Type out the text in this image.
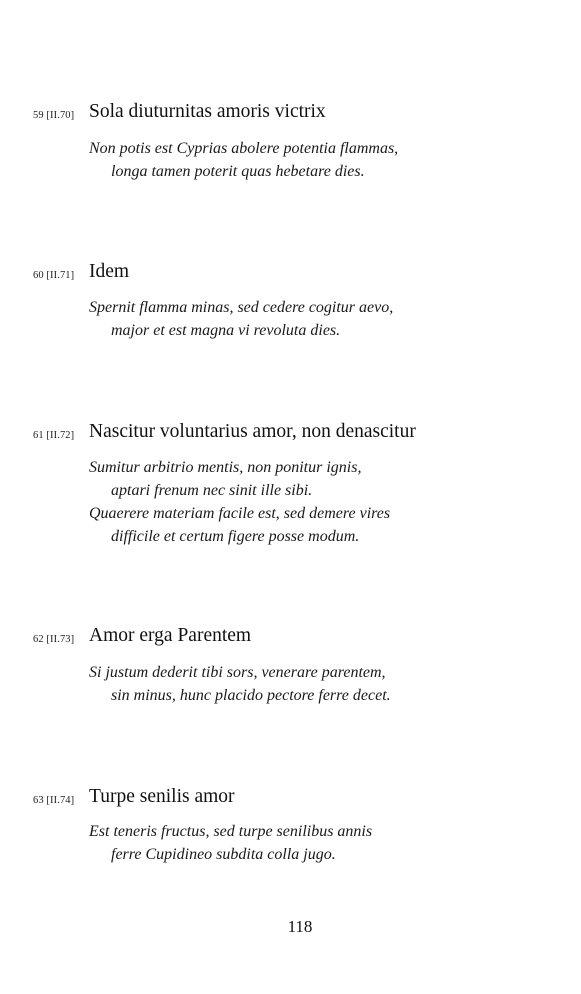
59 [II.70] Sola diuturnitas amoris victrix
Non potis est Cyprias abolere potentia flammas,
longa tamen poterit quas hebetare dies.
60 [II.71] Idem
Spernit flamma minas, sed cedere cogitur aevo,
major et est magna vi revoluta dies.
61 [II.72] Nascitur voluntarius amor, non denascitur
Sumitur arbitrio mentis, non ponitur ignis,
aptari frenum nec sinit ille sibi.
Quaerere materiam facile est, sed demere vires
difficile et certum figere posse modum.
62 [II.73] Amor erga Parentem
Si justum dederit tibi sors, venerare parentem,
sin minus, hunc placido pectore ferre decet.
63 [II.74] Turpe senilis amor
Est teneris fructus, sed turpe senilibus annis
ferre Cupidineo subdita colla jugo.
118
